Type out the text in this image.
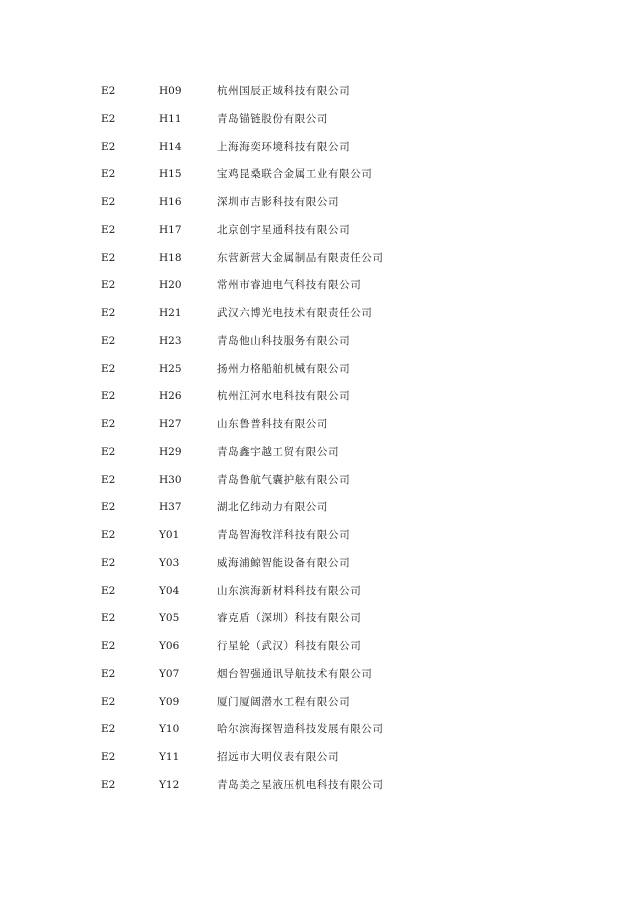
E2	H09	杭州国辰正域科技有限公司
E2	H11	青岛锚链股份有限公司
E2	H14	上海海奕环境科技有限公司
E2	H15	宝鸡昆桑联合金属工业有限公司
E2	H16	深圳市吉影科技有限公司
E2	H17	北京创宇星通科技有限公司
E2	H18	东营新营大金属制品有限责任公司
E2	H20	常州市睿迪电气科技有限公司
E2	H21	武汉六博光电技术有限责任公司
E2	H23	青岛他山科技服务有限公司
E2	H25	扬州力格船舶机械有限公司
E2	H26	杭州江河水电科技有限公司
E2	H27	山东鲁普科技有限公司
E2	H29	青岛鑫宇越工贸有限公司
E2	H30	青岛鲁航气囊护舷有限公司
E2	H37	湖北亿纬动力有限公司
E2	Y01	青岛智海牧洋科技有限公司
E2	Y03	威海浦鲸智能设备有限公司
E2	Y04	山东滨海新材料科技有限公司
E2	Y05	睿克盾（深圳）科技有限公司
E2	Y06	行星轮（武汉）科技有限公司
E2	Y07	烟台智强通讯导航技术有限公司
E2	Y09	厦门厦阔潜水工程有限公司
E2	Y10	哈尔滨海探智造科技发展有限公司
E2	Y11	招远市大明仪表有限公司
E2	Y12	青岛美之星液压机电科技有限公司
